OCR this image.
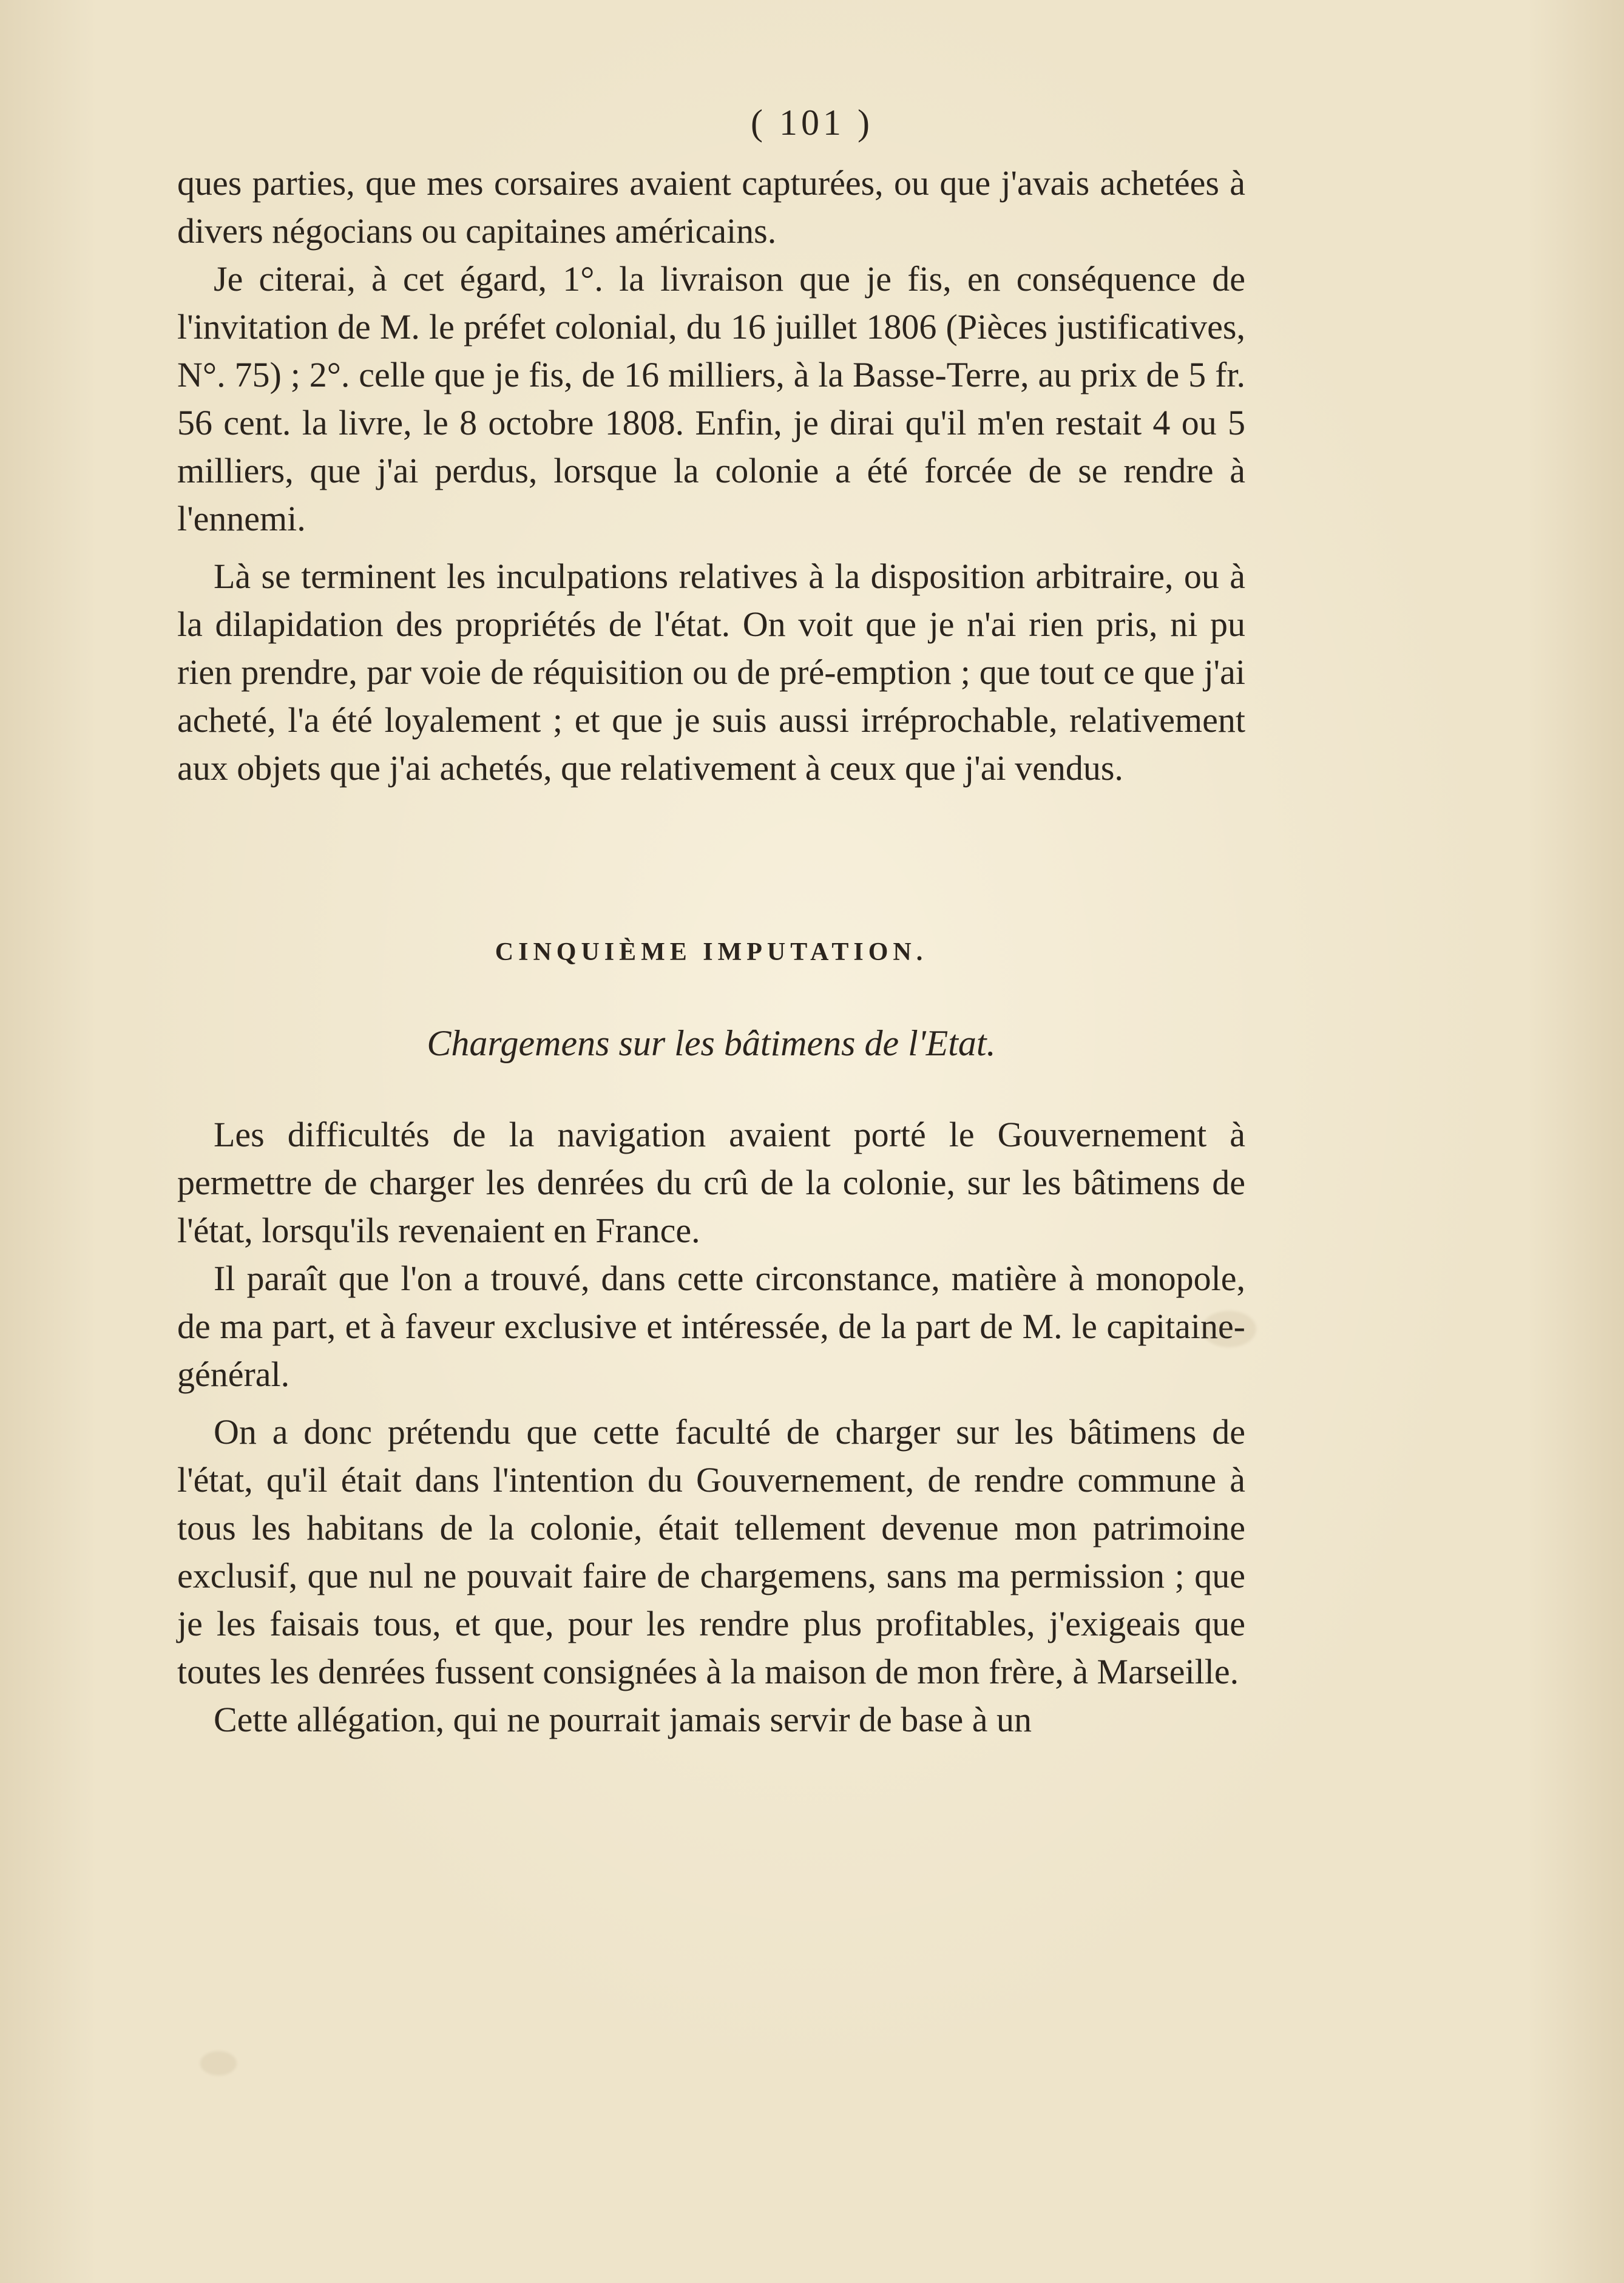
( 101 )

ques parties, que mes corsaires avaient capturées, ou que j'avais achetées à divers négocians ou capitaines américains.

Je citerai, à cet égard, 1°. la livraison que je fis, en conséquence de l'invitation de M. le préfet colonial, du 16 juillet 1806 (Pièces justificatives, N°. 75) ; 2°. celle que je fis, de 16 milliers, à la Basse-Terre, au prix de 5 fr. 56 cent. la livre, le 8 octobre 1808. Enfin, je dirai qu'il m'en restait 4 ou 5 milliers, que j'ai perdus, lorsque la colonie a été forcée de se rendre à l'ennemi.

Là se terminent les inculpations relatives à la disposition arbitraire, ou à la dilapidation des propriétés de l'état. On voit que je n'ai rien pris, ni pu rien prendre, par voie de réquisition ou de pré-emption ; que tout ce que j'ai acheté, l'a été loyalement ; et que je suis aussi irréprochable, relativement aux objets que j'ai achetés, que relativement à ceux que j'ai vendus.

CINQUIÈME IMPUTATION.
Chargemens sur les bâtimens de l'Etat.

Les difficultés de la navigation avaient porté le Gouvernement à permettre de charger les denrées du crû de la colonie, sur les bâtimens de l'état, lorsqu'ils revenaient en France.

Il paraît que l'on a trouvé, dans cette circonstance, matière à monopole, de ma part, et à faveur exclusive et intéressée, de la part de M. le capitaine-général.

On a donc prétendu que cette faculté de charger sur les bâtimens de l'état, qu'il était dans l'intention du Gouvernement, de rendre commune à tous les habitans de la colonie, était tellement devenue mon patrimoine exclusif, que nul ne pouvait faire de chargemens, sans ma permission ; que je les faisais tous, et que, pour les rendre plus profitables, j'exigeais que toutes les denrées fussent consignées à la maison de mon frère, à Marseille.

Cette allégation, qui ne pourrait jamais servir de base à un
